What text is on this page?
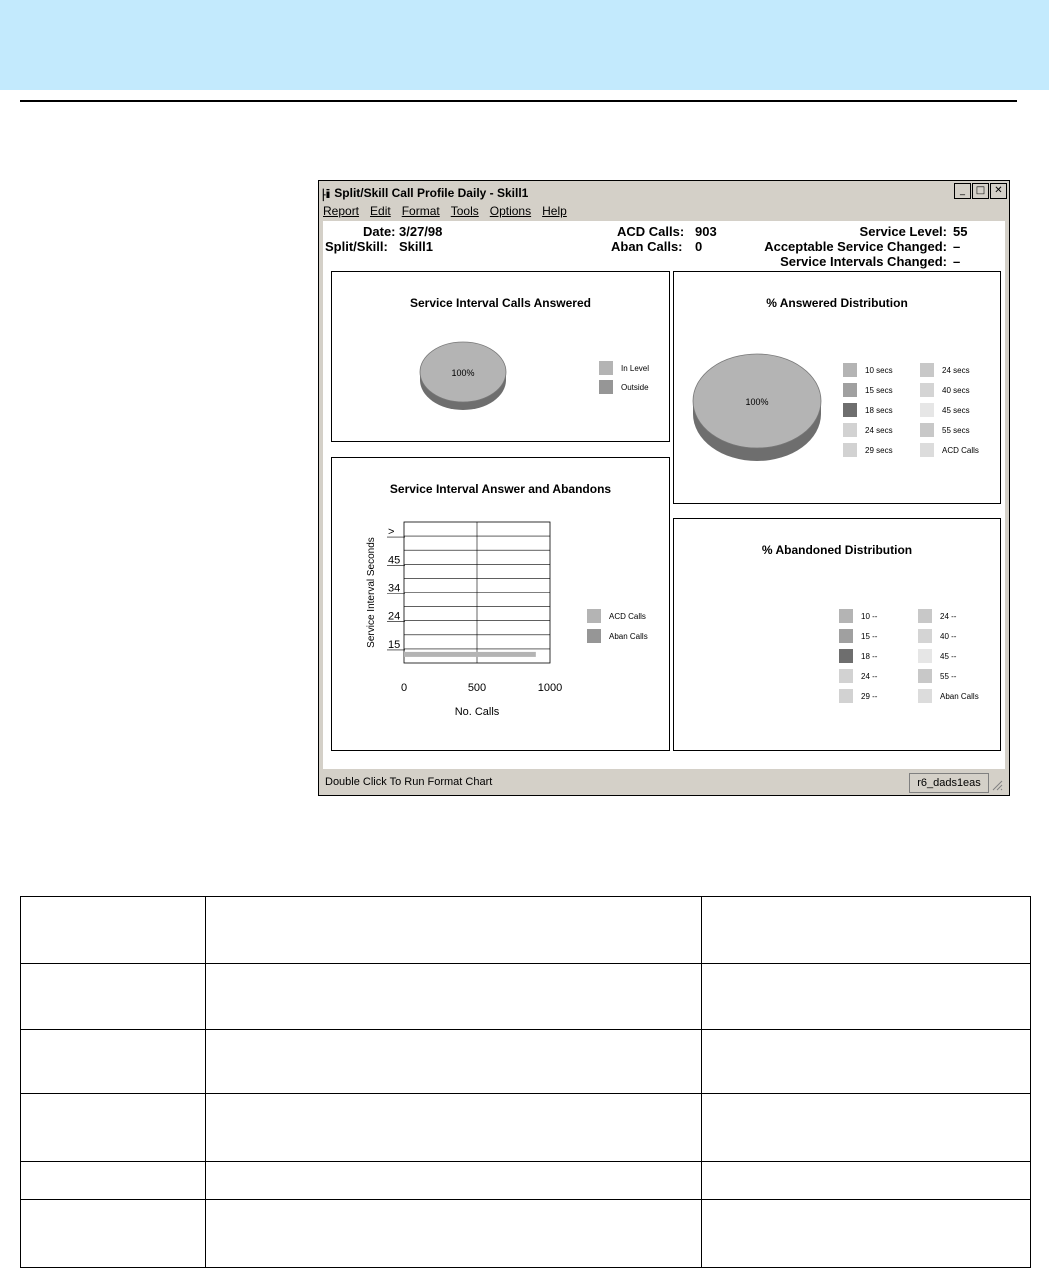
⸠ii Split/Skill Call Profile Daily - Skill1	_	□ ✕
Report Edit Format Tools Options Help
Date: 3/27/98
Split/Skill: Skill1
ACD Calls: 903
Aban Calls: 0
Service Level: 55
Acceptable Service Changed: –
Service Intervals Changed: –
Service Interval Calls Answered
100%	In Level
Outside
% Answered Distribution
100%
10 secs
15 secs
18 secs
24 secs
29 secs
24 secs
40 secs
45 secs
55 secs
ACD Calls
Service Interval Answer and Abandons
15
24
34
45
>
0	500	1000
No. Calls
Service Interval Seconds	ACD Calls
Aban Calls
% Abandoned Distribution
10 --
15 --
18 --
24 --
29 --
24 --
40 --
45 --
55 --
Aban Calls
Double Click To Run Format Chart	r6_dads1eas
